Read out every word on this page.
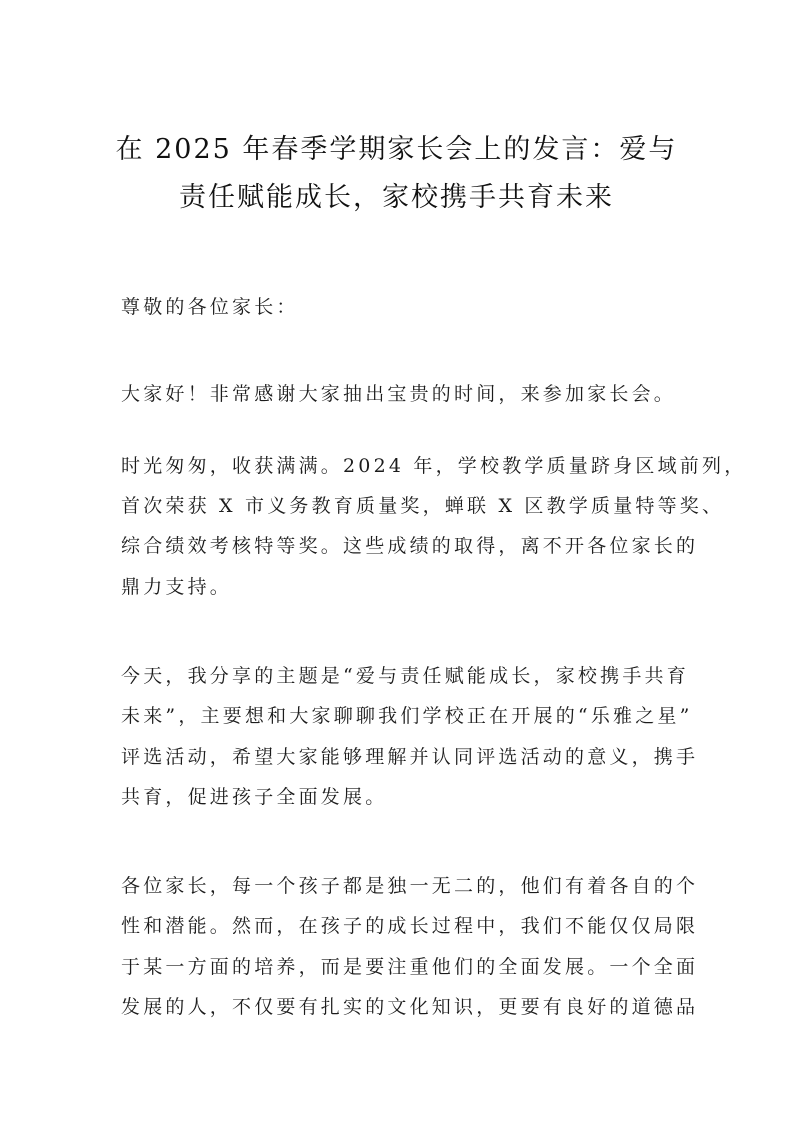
在 2025 年春季学期家长会上的发言：爱与
责任赋能成长，家校携手共育未来
尊敬的各位家长：
大家好！非常感谢大家抽出宝贵的时间，来参加家长会。
时光匆匆，收获满满。2024 年，学校教学质量跻身区域前列，
首次荣获 X 市义务教育质量奖，蝉联 X 区教学质量特等奖、
综合绩效考核特等奖。这些成绩的取得，离不开各位家长的
鼎力支持。
今天，我分享的主题是“爱与责任赋能成长，家校携手共育
未来”，主要想和大家聊聊我们学校正在开展的“乐雅之星”
评选活动，希望大家能够理解并认同评选活动的意义，携手
共育，促进孩子全面发展。
各位家长，每一个孩子都是独一无二的，他们有着各自的个
性和潜能。然而，在孩子的成长过程中，我们不能仅仅局限
于某一方面的培养，而是要注重他们的全面发展。一个全面
发展的人，不仅要有扎实的文化知识，更要有良好的道德品
